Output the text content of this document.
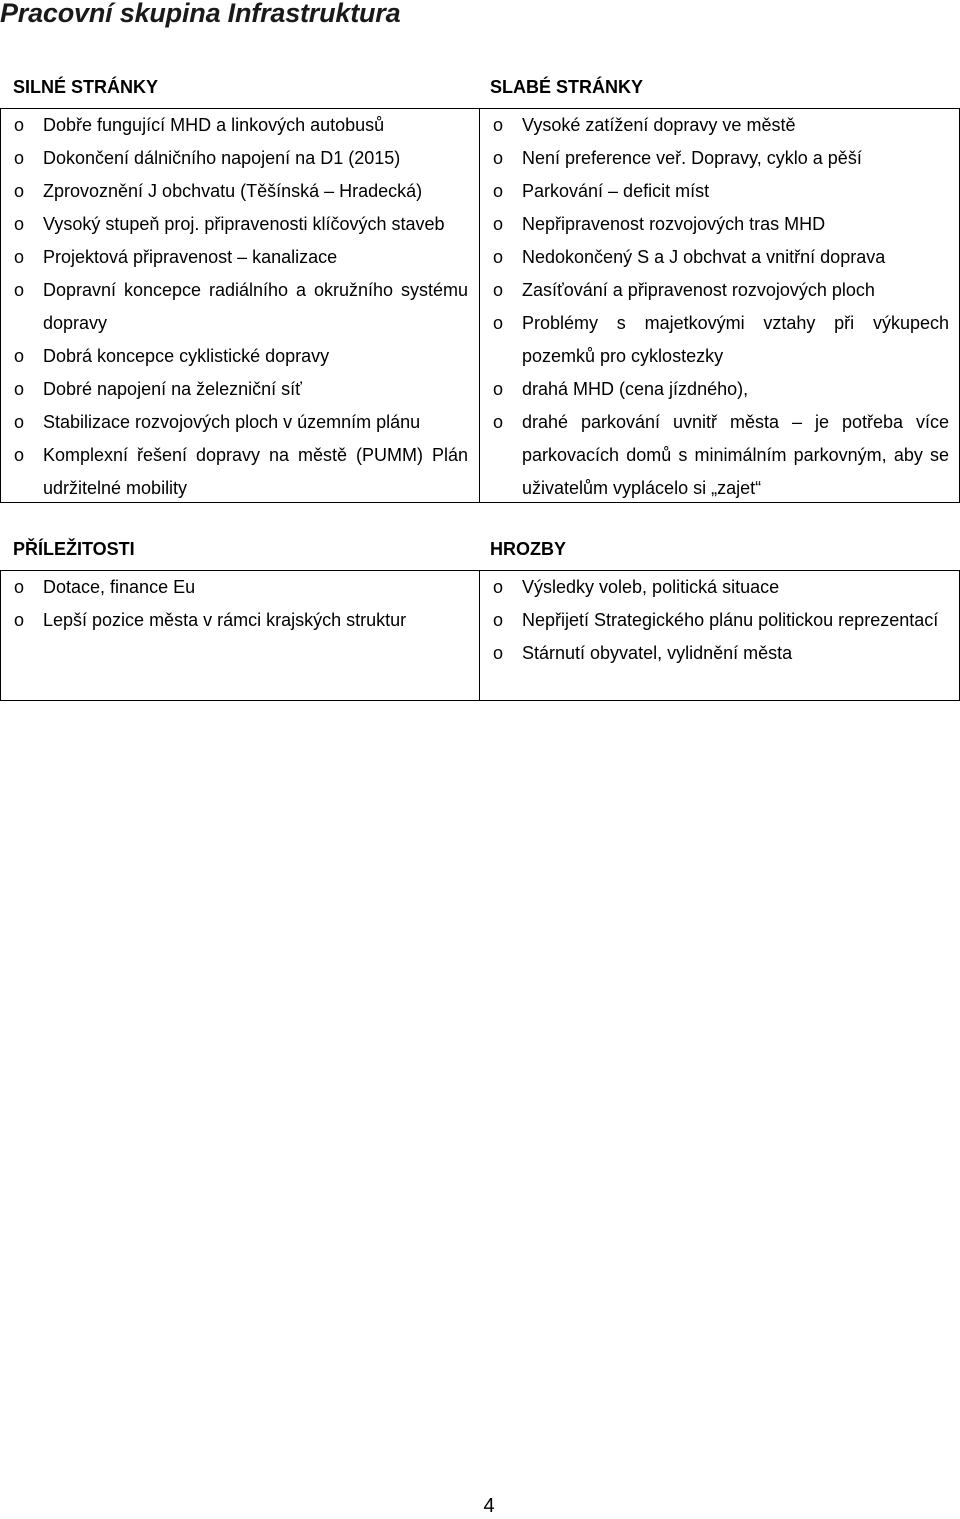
Pracovní skupina Infrastruktura
SILNÉ STRÁNKY	SLABÉ STRÁNKY
o	Dobře fungující MHD a linkových autobusů
o	Dokončení dálničního napojení na D1 (2015)
o	Zprovoznění J obchvatu (Těšínská – Hradecká)
o	Vysoký stupeň proj. připravenosti klíčových staveb
o	Projektová připravenost – kanalizace
o	Dopravní koncepce radiálního a okružního systému dopravy
o	Dobrá koncepce cyklistické dopravy
o	Dobré napojení na železniční síť
o	Stabilizace rozvojových ploch v územním plánu
o	Komplexní řešení dopravy na městě (PUMM) Plán udržitelné mobility
o	Vysoké zatížení dopravy ve městě
o	Není preference veř. Dopravy, cyklo a pěší
o	Parkování – deficit míst
o	Nepřipravenost rozvojových tras MHD
o	Nedokončený S a J obchvat a vnitřní doprava
o	Zasíťování a připravenost rozvojových ploch
o	Problémy s majetkovými vztahy při výkupech pozemků pro cyklostezky
o	drahá MHD (cena jízdného),
o	drahé parkování uvnitř města – je potřeba více parkovacích domů s minimálním parkovným, aby se uživatelům vyplácelo si „zajet“
PŘÍLEŽITOSTI	HROZBY
o	Dotace, finance Eu
o	Lepší pozice města v rámci krajských struktur
o	Výsledky voleb, politická situace
o	Nepřijetí Strategického plánu politickou reprezentací
o	Stárnutí obyvatel, vylidnění města
4
